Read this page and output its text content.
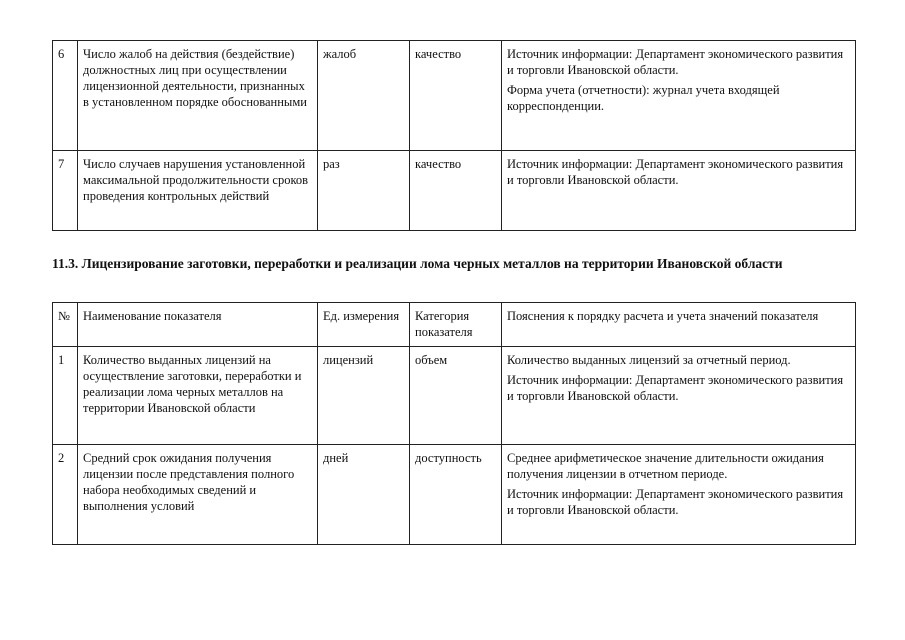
6	Число жалоб на действия (бездействие) должностных лиц при осуществлении лицензионной деятельности, признанных в установленном порядке обоснованными	жалоб	качество	Источник информации: Департамент экономического развития и торговли Ивановской области.

Форма учета (отчетности): журнал учета входящей корреспонденции.

7	Число случаев нарушения установленной максимальной продолжительности сроков проведения контрольных действий	раз	качество	Источник информации: Департамент экономического развития и торговли Ивановской области.

11.3. Лицензирование заготовки, переработки и реализации лома черных металлов на территории Ивановской области

№	Наименование показателя	Ед. измерения	Категория показателя	Пояснения к порядку расчета и учета значений показателя
1	Количество выданных лицензий на осуществление заготовки, переработки и реализации лома черных металлов на территории Ивановской области	лицензий	объем	Количество выданных лицензий за отчетный период.

Источник информации: Департамент экономического развития и торговли Ивановской области.

2	Средний срок ожидания получения лицензии после представления полного набора необходимых сведений и выполнения условий	дней	доступность	Среднее арифметическое значение длительности ожидания получения лицензии в отчетном периоде.

Источник информации: Департамент экономического развития и торговли Ивановской области.
